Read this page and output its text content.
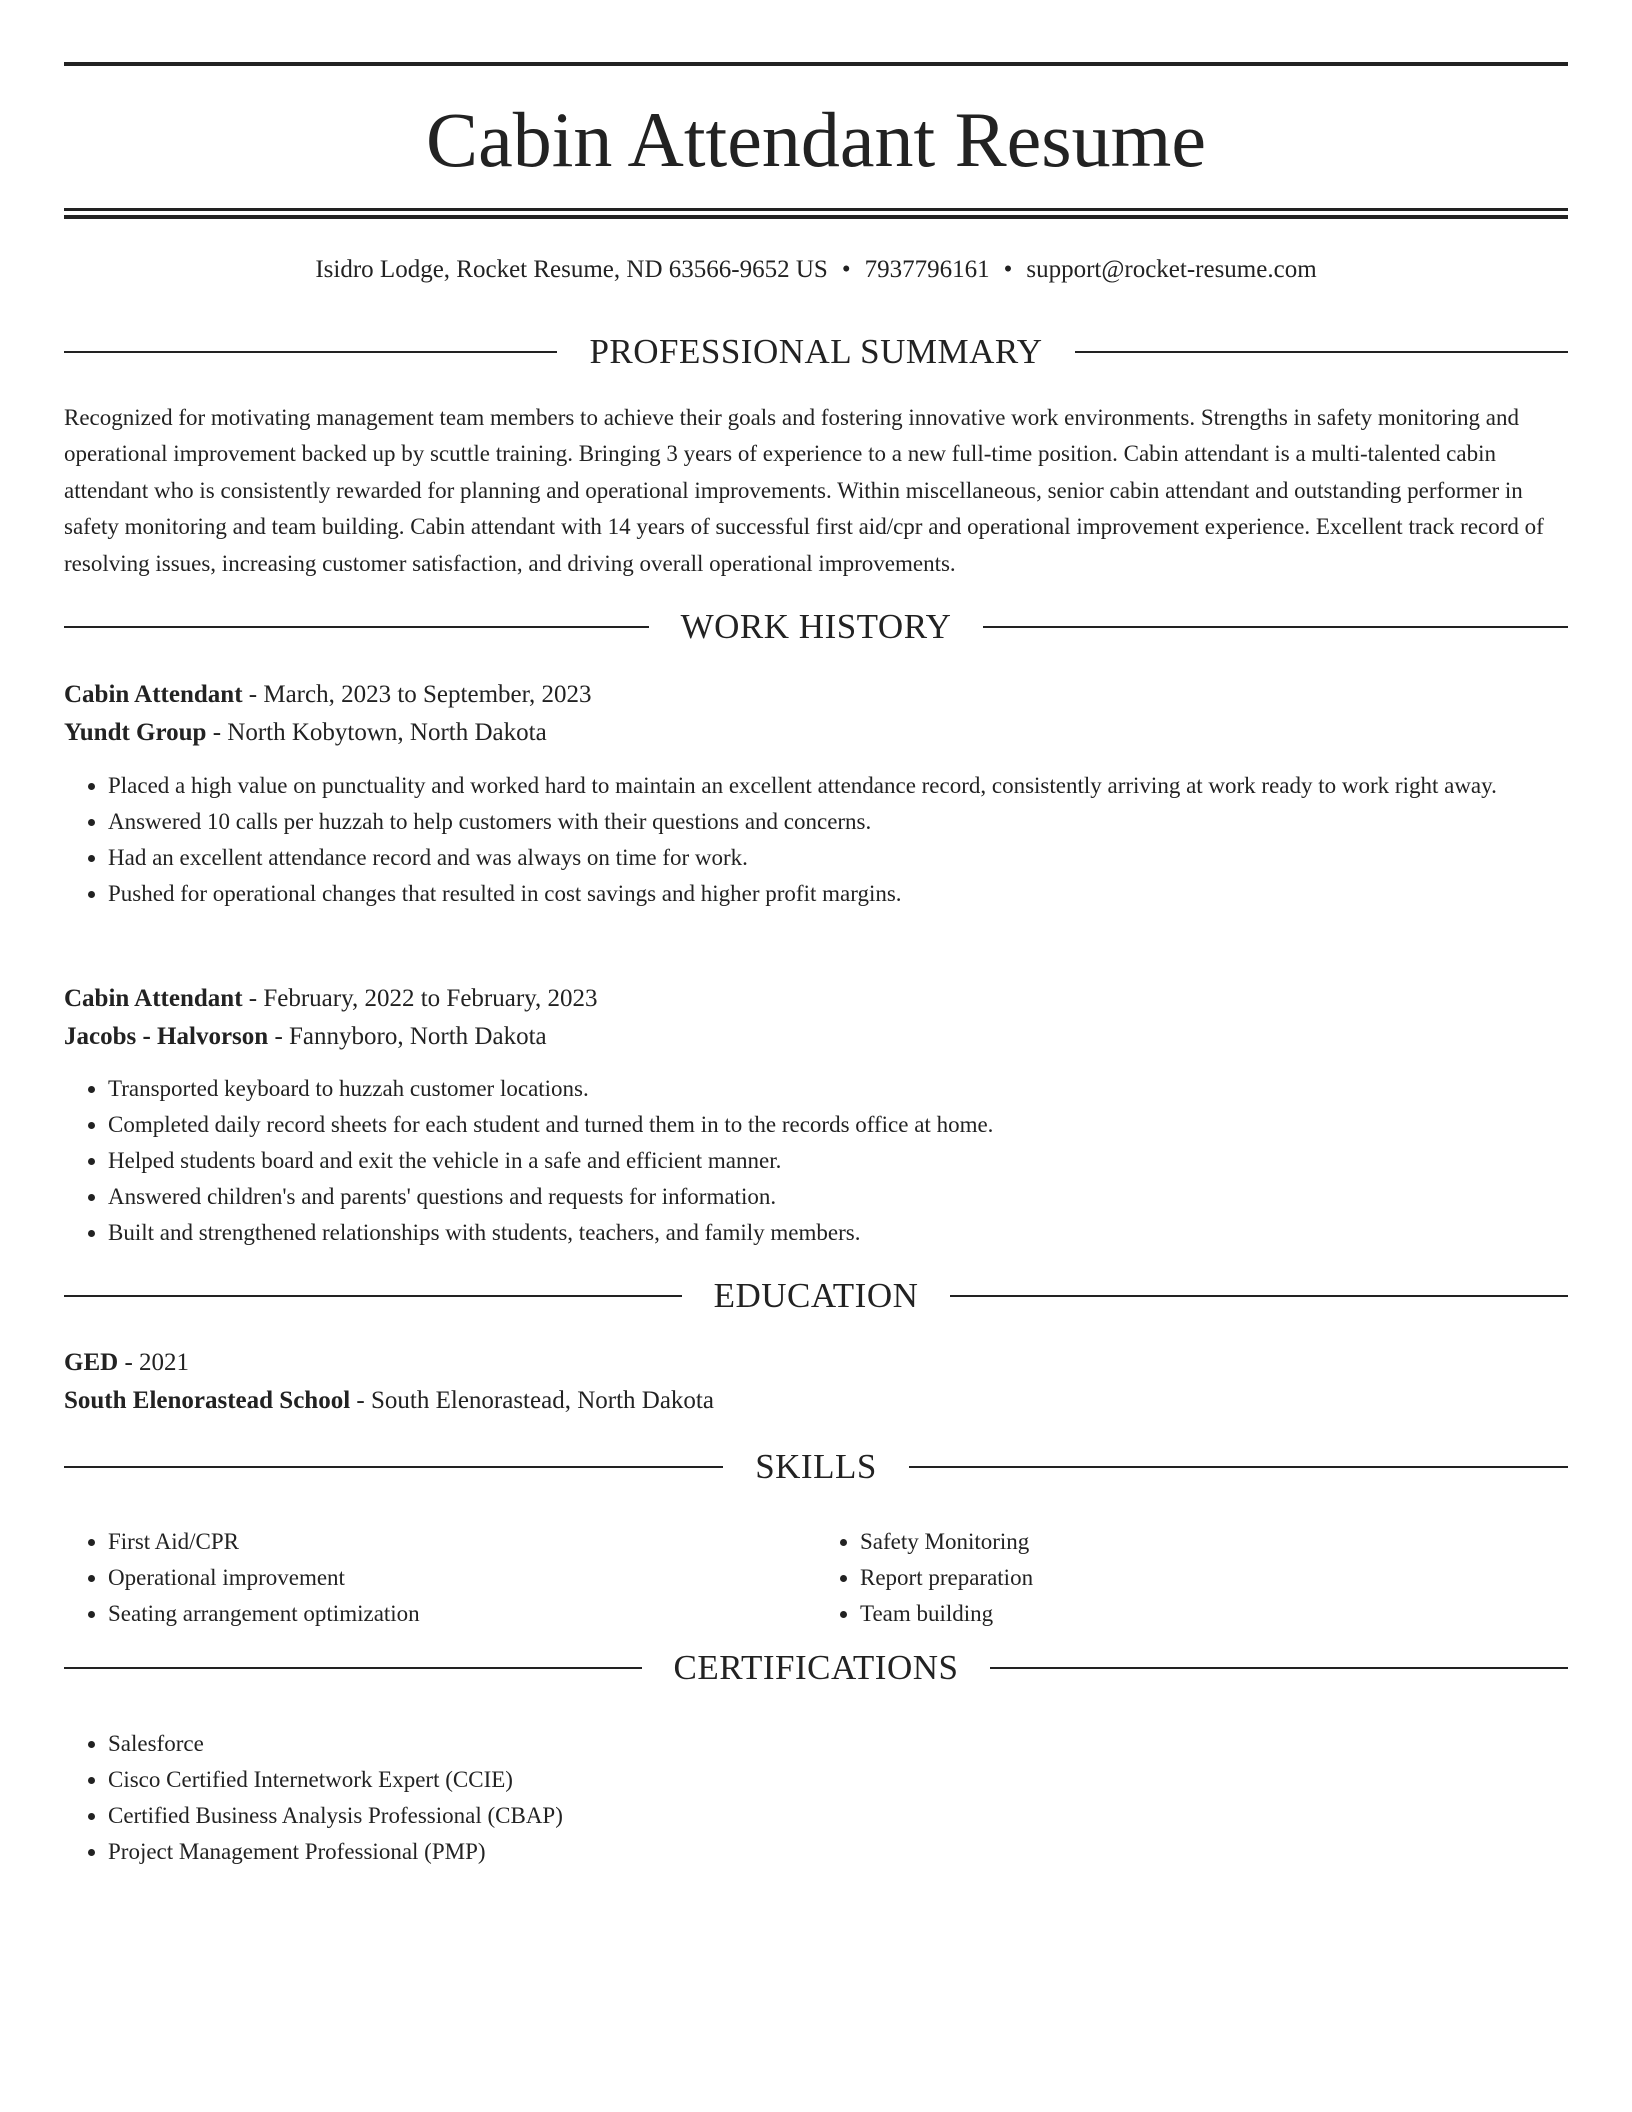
Cabin Attendant Resume
Isidro Lodge, Rocket Resume, ND 63566-9652 US • 7937796161 • support@rocket-resume.com
PROFESSIONAL SUMMARY

Recognized for motivating management team members to achieve their goals and fostering innovative work environments. Strengths in safety monitoring and operational improvement backed up by scuttle training. Bringing 3 years of experience to a new full-time position. Cabin attendant is a multi-talented cabin attendant who is consistently rewarded for planning and operational improvements. Within miscellaneous, senior cabin attendant and outstanding performer in safety monitoring and team building. Cabin attendant with 14 years of successful first aid/cpr and operational improvement experience. Excellent track record of resolving issues, increasing customer satisfaction, and driving overall operational improvements.

WORK HISTORY

Cabin Attendant - March, 2023 to September, 2023

Yundt Group - North Kobytown, North Dakota

• Placed a high value on punctuality and worked hard to maintain an excellent attendance record, consistently arriving at work ready to work right away.
• Answered 10 calls per huzzah to help customers with their questions and concerns.
• Had an excellent attendance record and was always on time for work.
• Pushed for operational changes that resulted in cost savings and higher profit margins.

Cabin Attendant - February, 2022 to February, 2023

Jacobs - Halvorson - Fannyboro, North Dakota

• Transported keyboard to huzzah customer locations.
• Completed daily record sheets for each student and turned them in to the records office at home.
• Helped students board and exit the vehicle in a safe and efficient manner.
• Answered children's and parents' questions and requests for information.
• Built and strengthened relationships with students, teachers, and family members.
EDUCATION

GED - 2021

South Elenorastead School - South Elenorastead, North Dakota

SKILLS
• First Aid/CPR
• Operational improvement
• Seating arrangement optimization
• Safety Monitoring
• Report preparation
• Team building
CERTIFICATIONS
• Salesforce
• Cisco Certified Internetwork Expert (CCIE)
• Certified Business Analysis Professional (CBAP)
• Project Management Professional (PMP)
